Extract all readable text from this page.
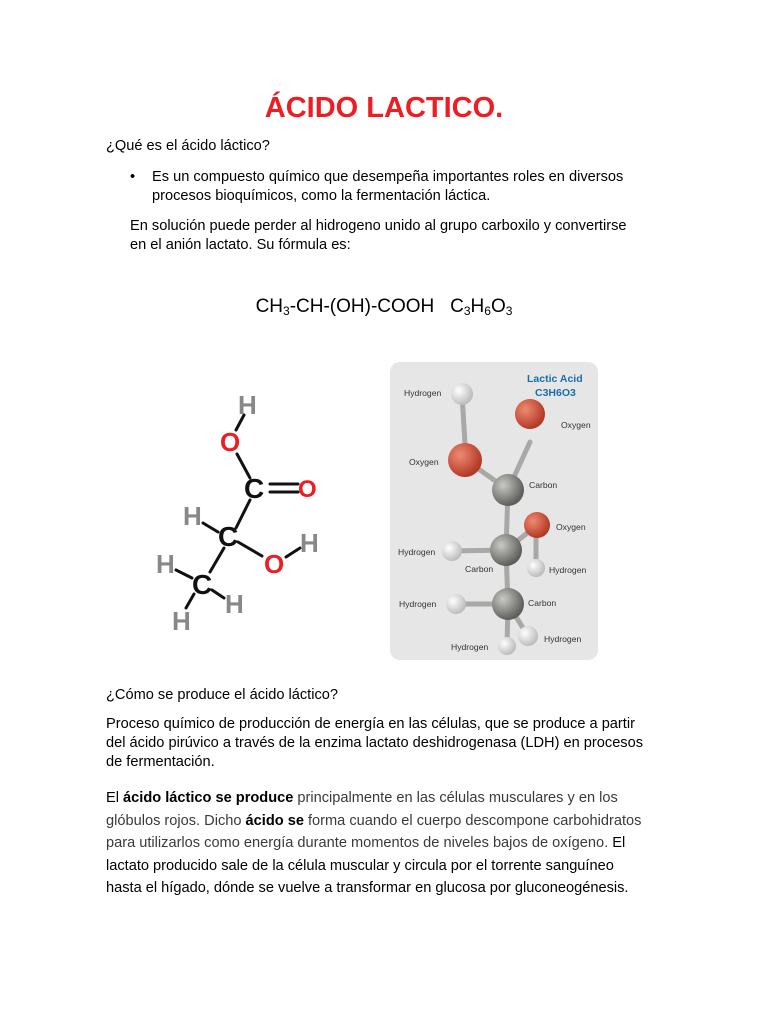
ÁCIDO LACTICO.

¿Qué es el ácido láctico?

• Es un compuesto químico que desempeña importantes roles en diversos
procesos bioquímicos, como la fermentación láctica.
En solución puede perder al hidrogeno unido al grupo carboxilo y convertirse
en el anión lactato. Su fórmula es:
$CH_3-CH-(OH)$-COOH   $C_3H_6O_3$
H
O
C O
H
C
O
H
H
C
H
H
Lactic Acid
C3H6O3
Hydrogen
Oxygen
Oxygen
Carbon
Oxygen
Hydrogen
Carbon	Hydrogen
Hydrogen	Carbon
Hydrogen
Hydrogen

¿Cómo se produce el ácido láctico?

Proceso químico de producción de energía en las células, que se produce a partir
del ácido pirúvico a través de la enzima lactato deshidrogenasa (LDH) en procesos
de fermentación.
El ácido láctico se produce principalmente en las células musculares y en los
glóbulos rojos. Dicho ácido se forma cuando el cuerpo descompone carbohidratos
para utilizarlos como energía durante momentos de niveles bajos de oxígeno. El
lactato producido sale de la célula muscular y circula por el torrente sanguíneo
hasta el hígado, dónde se vuelve a transformar en glucosa por gluconeogénesis.
